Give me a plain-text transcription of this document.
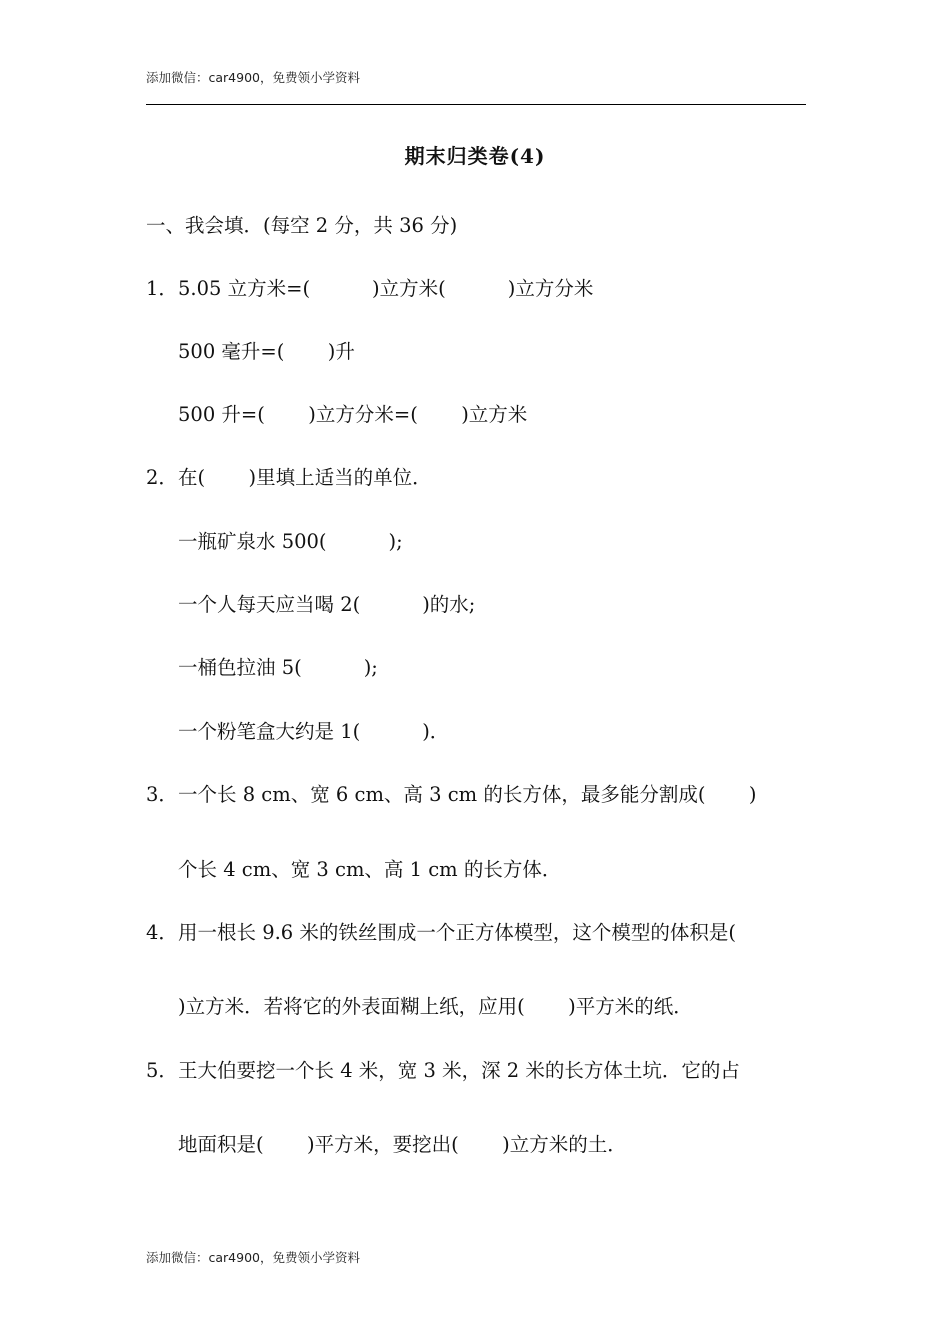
添加微信：car4900，免费领小学资料
期末归类卷(4)
一、我会填．(每空 2 分，共 36 分)
1．5.05 立方米=(          )立方米(          )立方分米
500 毫升=(       )升
500 升=(       )立方分米=(       )立方米
2．在(       )里填上适当的单位．
一瓶矿泉水 500(          );
一个人每天应当喝 2(          )的水;
一桶色拉油 5(          );
一个粉笔盒大约是 1(          )．
3．一个长 8 cm、宽 6 cm、高 3 cm 的长方体，最多能分割成(       )
个长 4 cm、宽 3 cm、高 1 cm 的长方体．
4．用一根长 9.6 米的铁丝围成一个正方体模型，这个模型的体积是(
)立方米．若将它的外表面糊上纸，应用(       )平方米的纸．
5．王大伯要挖一个长 4 米，宽 3 米，深 2 米的长方体土坑．它的占
地面积是(       )平方米，要挖出(       )立方米的土．
添加微信：car4900，免费领小学资料
